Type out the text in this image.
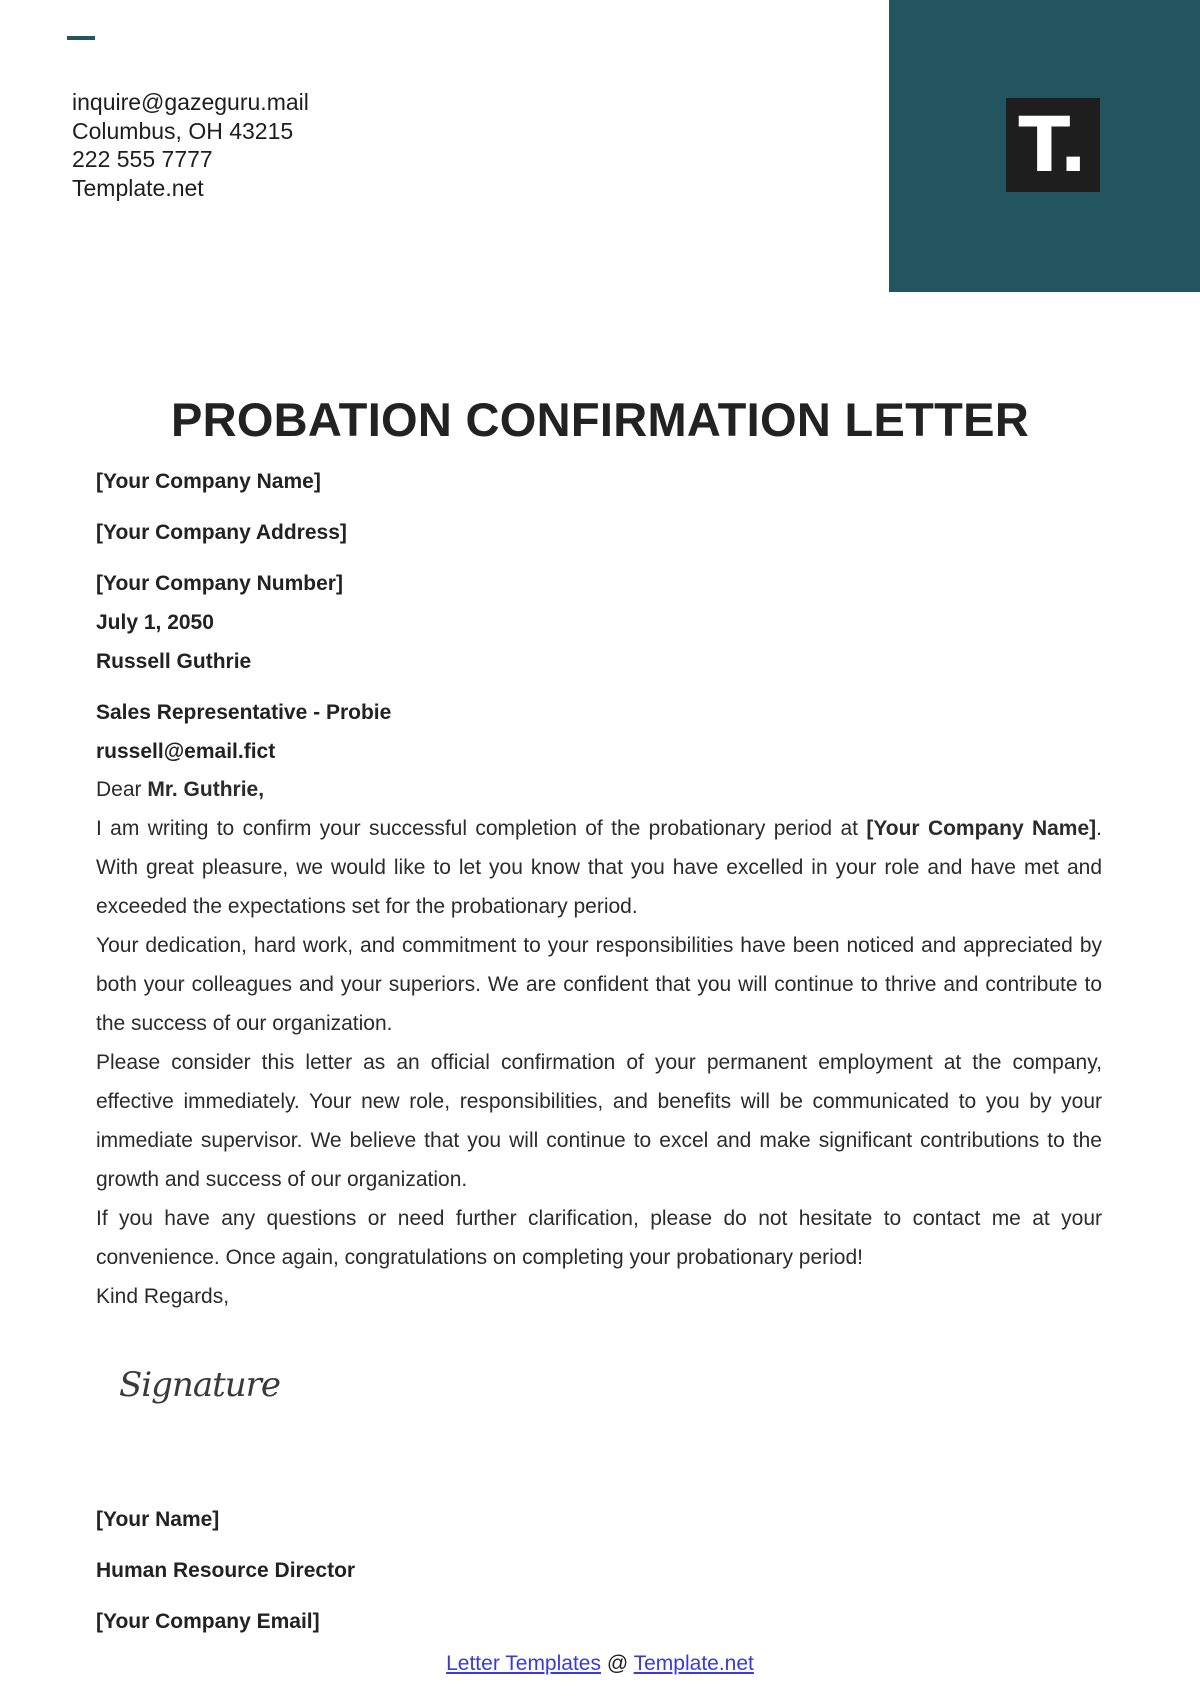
inquire@gazeguru.mail
Columbus, OH 43215
222 555 7777
Template.net	T.
PROBATION CONFIRMATION LETTER
[Your Company Name]
[Your Company Address]
[Your Company Number]
July 1, 2050
Russell Guthrie
Sales Representative - Probie
russell@email.fict

Dear Mr. Guthrie,

I am writing to confirm your successful completion of the probationary period at [Your Company Name]. With great pleasure, we would like to let you know that you have excelled in your role and have met and exceeded the expectations set for the probationary period.

Your dedication, hard work, and commitment to your responsibilities have been noticed and appreciated by both your colleagues and your superiors. We are confident that you will continue to thrive and contribute to the success of our organization.

Please consider this letter as an official confirmation of your permanent employment at the company, effective immediately. Your new role, responsibilities, and benefits will be communicated to you by your immediate supervisor. We believe that you will continue to excel and make significant contributions to the growth and success of our organization.

If you have any questions or need further clarification, please do not hesitate to contact me at your convenience. Once again, congratulations on completing your probationary period!

Kind Regards,

Signature
[Your Name]
Human Resource Director
[Your Company Email]
Letter Templates @ Template.net
